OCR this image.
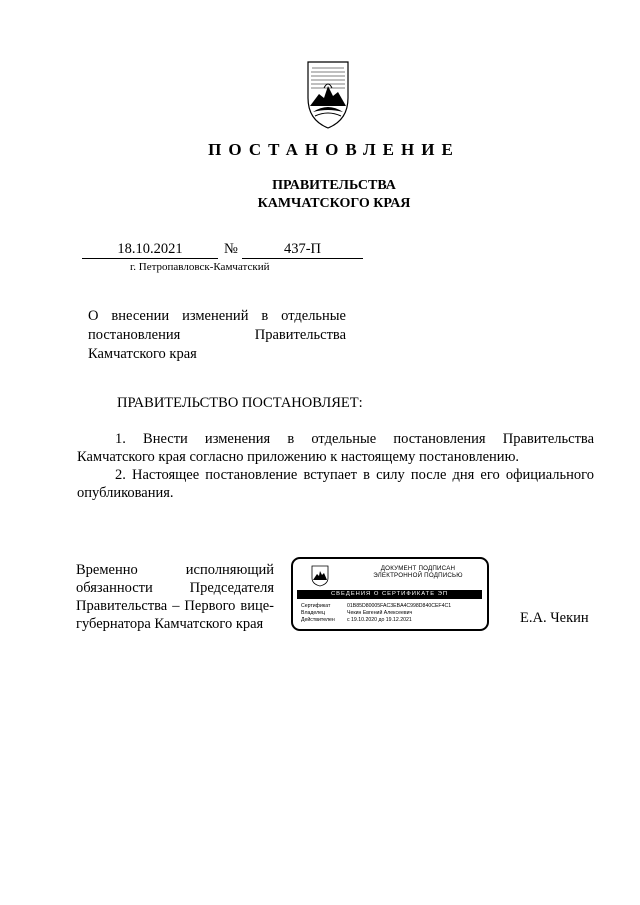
ПОСТАНОВЛЕНИЕ
ПРАВИТЕЛЬСТВА
КАМЧАТСКОГО КРАЯ
18.10.2021	№	437-П
г. Петропавловск-Камчатский
О внесении изменений в отдельные постановления Правительства Камчатского края
ПРАВИТЕЛЬСТВО ПОСТАНОВЛЯЕТ:

1. Внести изменения в отдельные постановления Правительства Камчатского края согласно приложению к настоящему постановлению.

2. Настоящее постановление вступает в силу после дня его официального опубликования.

Временно исполняющий обязанности Председателя Правительства – Первого вице-губернатора Камчатского края
ДОКУМЕНТ ПОДПИСАН
ЭЛЕКТРОННОЙ ПОДПИСЬЮ
СВЕДЕНИЯ О СЕРТИФИКАТЕ ЭП
Сертификат	01B85D80005FAC3EBA4C998D840CEF4C1
Владелец	Чекин Евгений Алексеевич
Действителен с 19.10.2020 до 19.12.2021	Е.А. Чекин
